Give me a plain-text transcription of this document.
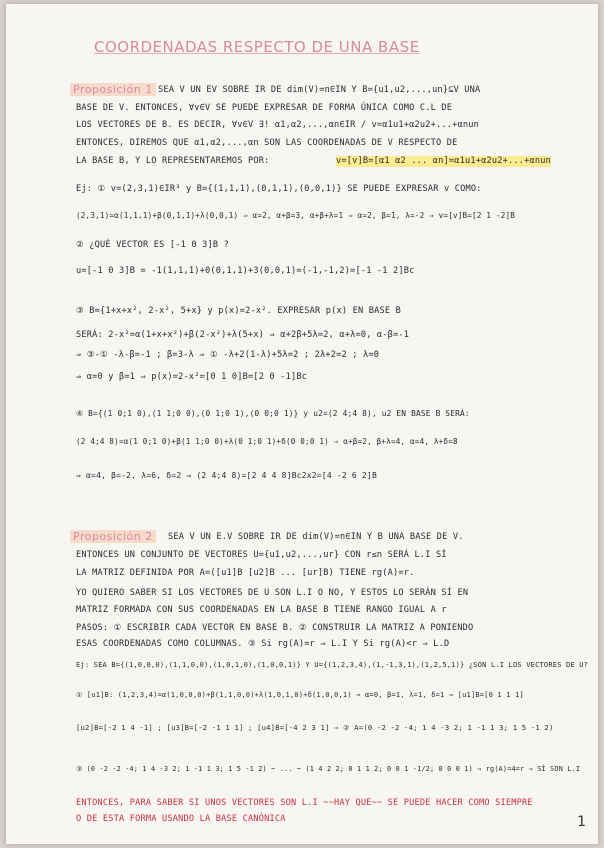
COORDENADAS RESPECTO DE UNA BASE
Proposición 1 SEA V UN EV SOBRE IR DE dim(V)=n∈IN Y B={u1,u2,...,un}⊆V UNA
BASE DE V. ENTONCES, ∀v∈V SE PUEDE EXPRESAR DE FORMA ÚNICA COMO C.L DE
LOS VECTORES DE B. ES DECIR, ∀v∈V ∃! α1,α2,...,αn∈IR / v=α1u1+α2u2+...+αnun
ENTONCES, DIREMOS QUE α1,α2,...,αn SON LAS COORDENADAS DE V RESPECTO DE
LA BASE B, Y LO REPRESENTAREMOS POR:	v=[v]B=[α1 α2 ... αn]=α1u1+α2u2+...+αnun
Ej: ① v=(2,3,1)∈IR³ y B={(1,1,1),(0,1,1),(0,0,1)} SE PUEDE EXPRESAR v COMO:
(2,3,1)=α(1,1,1)+β(0,1,1)+λ(0,0,1) ⇒ α=2, α+β=3, α+β+λ=1 ⇒ α=2, β=1, λ=-2 ⇒ v=[v]B=[2 1 -2]B
② ¿QUÉ VECTOR ES [-1 0 3]B ?
u=[-1 0 3]B = -1(1,1,1)+0(0,1,1)+3(0,0,1)=(-1,-1,2)=[-1 -1 2]Bc
③ B={1+x+x², 2-x², 5+x} y p(x)=2-x². EXPRESAR p(x) EN BASE B
SERÁ: 2-x²=α(1+x+x²)+β(2-x²)+λ(5+x) ⇒ α+2β+5λ=2, α+λ=0, α-β=-1
⇒ ③-① -λ-β=-1 ; β=3-λ ⇒ ① -λ+2(1-λ)+5λ=2 ; 2λ+2=2 ; λ=0
⇒ α=0 y β=1 ⇒ p(x)=2-x²=[0 1 0]B=[2 0 -1]Bc
④ B={(1 0;1 0),(1 1;0 0),(0 1;0 1),(0 0;0 1)} y u2=(2 4;4 8), u2 EN BASE B SERÁ:
(2 4;4 8)=α(1 0;1 0)+β(1 1;0 0)+λ(0 1;0 1)+δ(0 0;0 1) ⇒ α+β=2, β+λ=4, α=4, λ+δ=8
⇒ α=4, β=-2, λ=6, δ=2 ⇒ (2 4;4 8)=[2 4 4 8]Bc2x2=[4 -2 6 2]B
Proposición 2	SEA V UN E.V SOBRE IR DE dim(V)=n∈IN Y B UNA BASE DE V.
ENTONCES UN CONJUNTO DE VECTORES U={u1,u2,...,ur} CON r≤n SERÁ L.I SÍ
LA MATRIZ DEFINIDA POR A=([u1]B [u2]B ... [ur]B) TIENE rg(A)=r.
YO QUIERO SABER SI LOS VECTORES DE U SON L.I O NO, Y ESTOS LO SERÁN SÍ EN
MATRIZ FORMADA CON SUS COORDENADAS EN LA BASE B TIENE RANGO IGUAL A r
PASOS: ① ESCRIBIR CADA VECTOR EN BASE B. ② CONSTRUIR LA MATRIZ A PONIENDO
ESAS COORDENADAS COMO COLUMNAS. ③ Si rg(A)=r ⇒ L.I Y Si rg(A)<r ⇒ L.D
Ej: SEA B={(1,0,0,0),(1,1,0,0),(1,0,1,0),(1,0,0,1)} Y U={(1,2,3,4),(1,-1,3,1),(1,2,5,1)} ¿SON L.I LOS VECTORES DE U?
① [u1]B: (1,2,3,4)=α(1,0,0,0)+β(1,1,0,0)+λ(1,0,1,0)+δ(1,0,0,1) ⇒ α=0, β=1, λ=1, δ=1 ⇒ [u1]B=[0 1 1 1]
[u2]B=[-2 1 4 -1] ; [u3]B=[-2 -1 1 1] ; [u4]B=[-4 2 3 1] ⇒ ② A=(0 -2 -2 -4; 1 4 -3 2; 1 -1 1 3; 1 5 -1 2)
③ (0 -2 -2 -4; 1 4 -3 2; 1 -1 1 3; 1 5 -1 2) ~ ... ~ (1 4 2 2; 0 1 1 2; 0 0 1 -1/2; 0 0 0 1) ⇒ rg(A)=4=r ⇒ SÍ SON L.I
ENTONCES, PARA SABER SI UNOS VECTORES SON L.I ~~HAY QUE~~ SE PUEDE HACER COMO SIEMPRE
O DE ESTA FORMA USANDO LA BASE CANÓNICA	1
